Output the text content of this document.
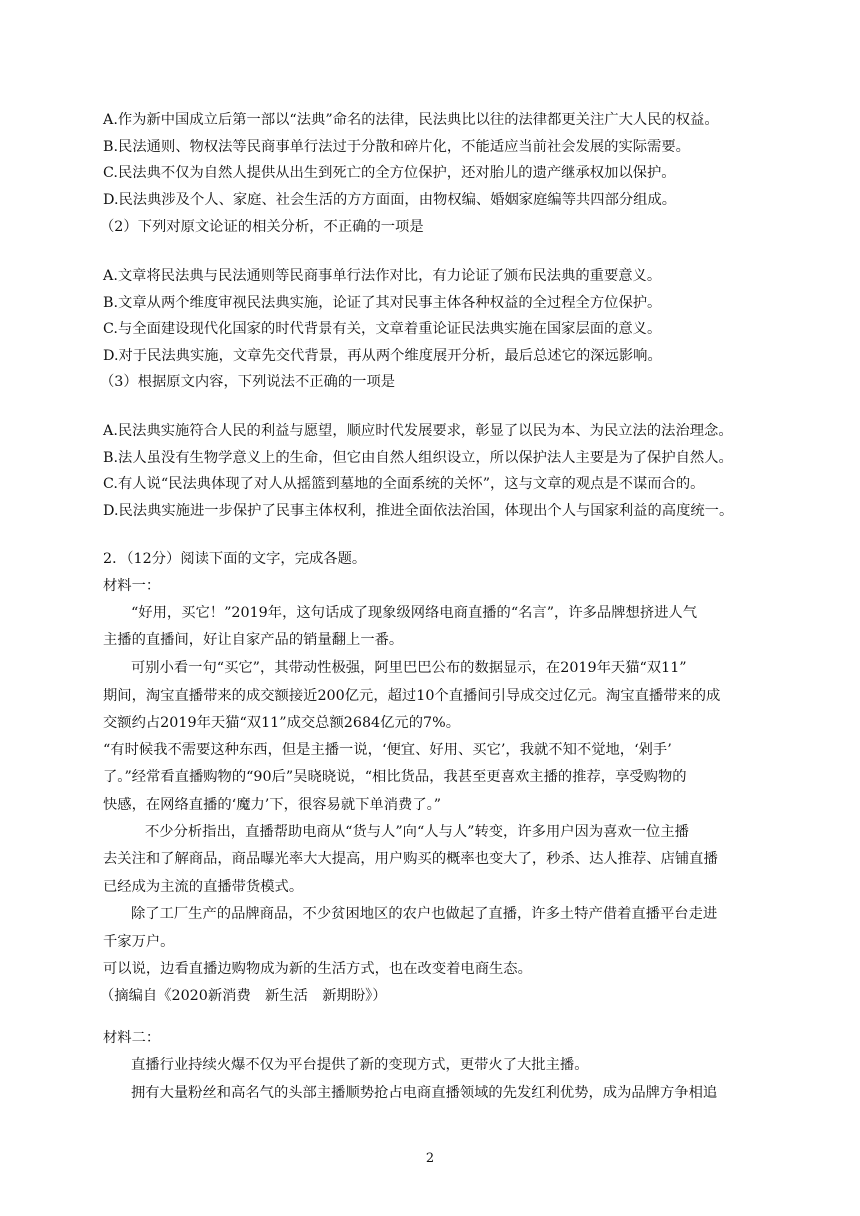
A.作为新中国成立后第一部以“法典”命名的法律，民法典比以往的法律都更关注广大人民的权益。
B.民法通则、物权法等民商事单行法过于分散和碎片化，不能适应当前社会发展的实际需要。
C.民法典不仅为自然人提供从出生到死亡的全方位保护，还对胎儿的遗产继承权加以保护。
D.民法典涉及个人、家庭、社会生活的方方面面，由物权编、婚姻家庭编等共四部分组成。
（2）下列对原文论证的相关分析，不正确的一项是
A.文章将民法典与民法通则等民商事单行法作对比，有力论证了颁布民法典的重要意义。
B.文章从两个维度审视民法典实施，论证了其对民事主体各种权益的全过程全方位保护。
C.与全面建设现代化国家的时代背景有关，文章着重论证民法典实施在国家层面的意义。
D.对于民法典实施，文章先交代背景，再从两个维度展开分析，最后总述它的深远影响。
（3）根据原文内容，下列说法不正确的一项是
A.民法典实施符合人民的利益与愿望，顺应时代发展要求，彰显了以民为本、为民立法的法治理念。
B.法人虽没有生物学意义上的生命，但它由自然人组织设立，所以保护法人主要是为了保护自然人。
C.有人说“民法典体现了对人从摇篮到墓地的全面系统的关怀”，这与文章的观点是不谋而合的。
D.民法典实施进一步保护了民事主体权利，推进全面依法治国，体现出个人与国家利益的高度统一。
2．（12分）阅读下面的文字，完成各题。
材料一：
“好用，买它！”2019年，这句话成了现象级网络电商直播的“名言”，许多品牌想挤进人气
主播的直播间，好让自家产品的销量翻上一番。
可别小看一句“买它”，其带动性极强，阿里巴巴公布的数据显示，在2019年天猫“双11”
期间，淘宝直播带来的成交额接近200亿元，超过10个直播间引导成交过亿元。淘宝直播带来的成
交额约占2019年天猫“双11”成交总额2684亿元的7%。
“有时候我不需要这种东西，但是主播一说，‘便宜、好用、买它’，我就不知不觉地，‘剁手’
了。”经常看直播购物的“90后”吴晓晓说，“相比货品，我甚至更喜欢主播的推荐，享受购物的
快感，在网络直播的‘魔力’下，很容易就下单消费了。”
不少分析指出，直播帮助电商从“货与人”向“人与人”转变，许多用户因为喜欢一位主播
去关注和了解商品，商品曝光率大大提高，用户购买的概率也变大了，秒杀、达人推荐、店铺直播
已经成为主流的直播带货模式。
除了工厂生产的品牌商品，不少贫困地区的农户也做起了直播，许多土特产借着直播平台走进
千家万户。
可以说，边看直播边购物成为新的生活方式，也在改变着电商生态。
（摘编自《2020新消费　新生活　新期盼》）
材料二：
直播行业持续火爆不仅为平台提供了新的变现方式，更带火了大批主播。
拥有大量粉丝和高名气的头部主播顺势抢占电商直播领域的先发红利优势，成为品牌方争相追
2
